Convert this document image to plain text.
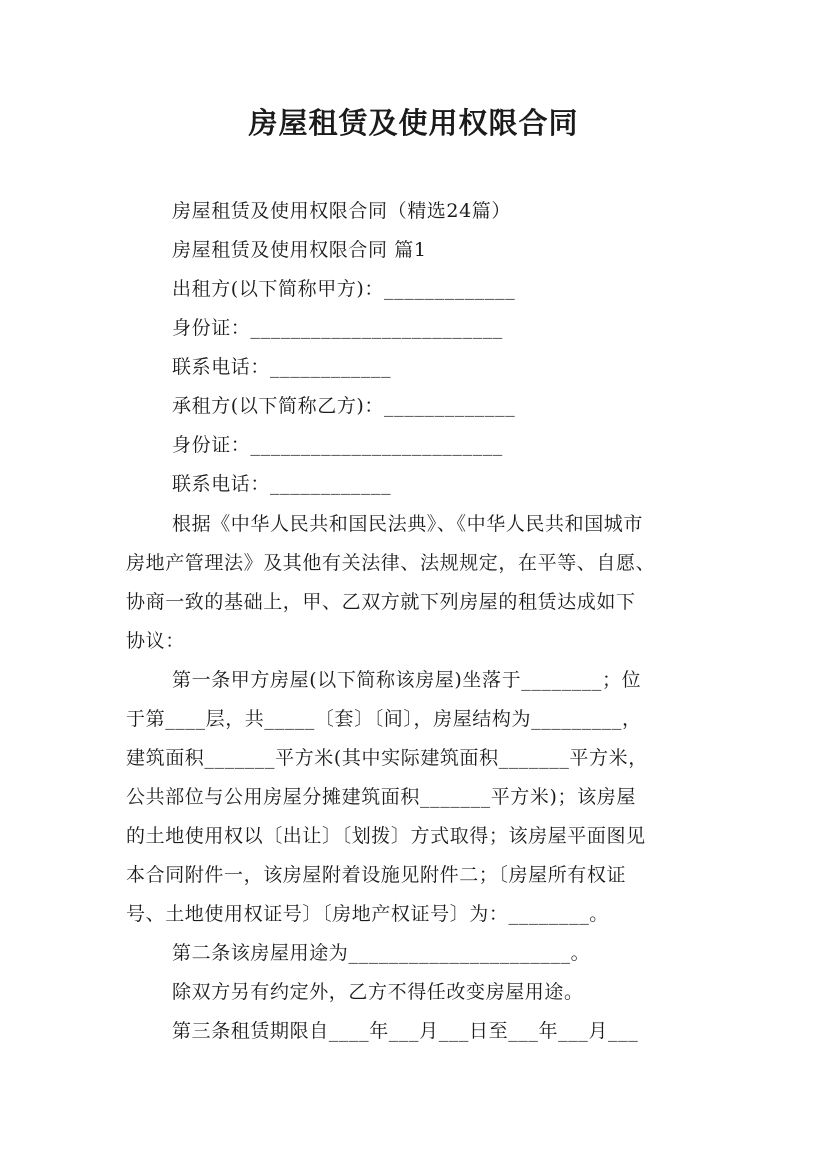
房屋租赁及使用权限合同
房屋租赁及使用权限合同（精选24篇）
房屋租赁及使用权限合同 篇1
出租方(以下简称甲方)：_____________
身份证：_________________________
联系电话：____________
承租方(以下简称乙方)：_____________
身份证：_________________________
联系电话：____________
根据《中华人民共和国民法典》、《中华人民共和国城市
房地产管理法》及其他有关法律、法规规定，在平等、自愿、
协商一致的基础上，甲、乙双方就下列房屋的租赁达成如下
协议：
第一条甲方房屋(以下简称该房屋)坐落于________；位
于第____层，共_____〔套〕〔间〕，房屋结构为_________，
建筑面积_______平方米(其中实际建筑面积_______平方米，
公共部位与公用房屋分摊建筑面积_______平方米)；该房屋
的土地使用权以〔出让〕〔划拨〕方式取得；该房屋平面图见
本合同附件一，该房屋附着设施见附件二；〔房屋所有权证
号、土地使用权证号〕〔房地产权证号〕为：________。
第二条该房屋用途为______________________。
除双方另有约定外，乙方不得任改变房屋用途。
第三条租赁期限自____年___月___日至___年___月___
